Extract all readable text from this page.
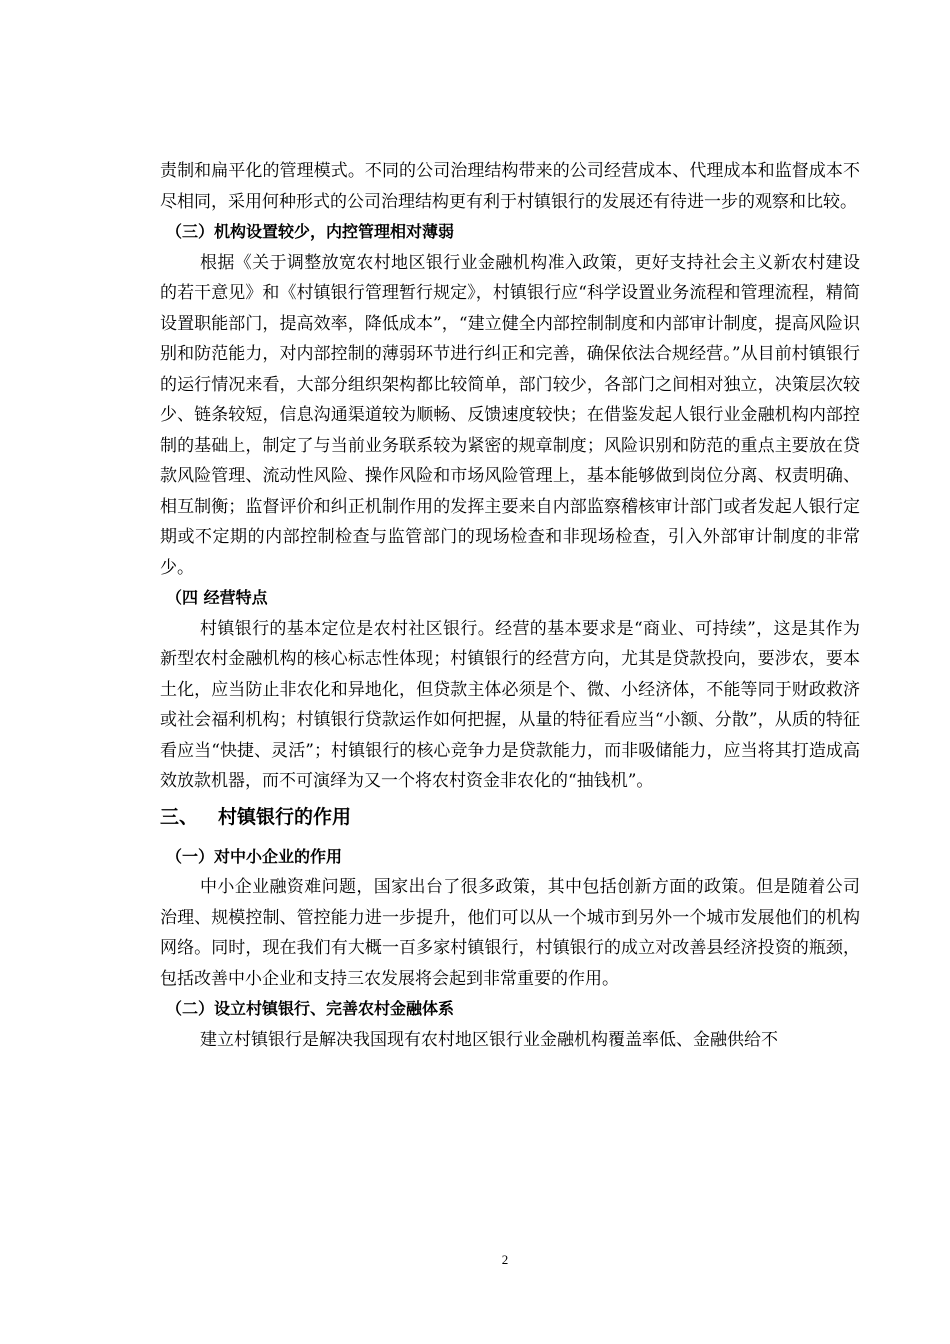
责制和扁平化的管理模式。不同的公司治理结构带来的公司经营成本、代理成本和监督成本不尽相同，采用何种形式的公司治理结构更有利于村镇银行的发展还有待进一步的观察和比较。

（三）机构设置较少，内控管理相对薄弱

根据《关于调整放宽农村地区银行业金融机构准入政策，更好支持社会主义新农村建设的若干意见》和《村镇银行管理暂行规定》，村镇银行应“科学设置业务流程和管理流程，精简设置职能部门，提高效率，降低成本”，“建立健全内部控制制度和内部审计制度，提高风险识别和防范能力，对内部控制的薄弱环节进行纠正和完善，确保依法合规经营。”从目前村镇银行的运行情况来看，大部分组织架构都比较简单，部门较少，各部门之间相对独立，决策层次较少、链条较短，信息沟通渠道较为顺畅、反馈速度较快；在借鉴发起人银行业金融机构内部控制的基础上，制定了与当前业务联系较为紧密的规章制度；风险识别和防范的重点主要放在贷款风险管理、流动性风险、操作风险和市场风险管理上，基本能够做到岗位分离、权责明确、相互制衡；监督评价和纠正机制作用的发挥主要来自内部监察稽核审计部门或者发起人银行定期或不定期的内部控制检查与监管部门的现场检查和非现场检查，引入外部审计制度的非常少。

（四 经营特点

村镇银行的基本定位是农村社区银行。经营的基本要求是“商业、可持续”，这是其作为新型农村金融机构的核心标志性体现；村镇银行的经营方向，尤其是贷款投向，要涉农，要本土化，应当防止非农化和异地化，但贷款主体必须是个、微、小经济体，不能等同于财政救济或社会福利机构；村镇银行贷款运作如何把握，从量的特征看应当“小额、分散”，从质的特征看应当“快捷、灵活”；村镇银行的核心竞争力是贷款能力，而非吸储能力，应当将其打造成高效放款机器，而不可演绎为又一个将农村资金非农化的“抽钱机”。

三、	村镇银行的作用

（一）对中小企业的作用

中小企业融资难问题，国家出台了很多政策，其中包括创新方面的政策。但是随着公司治理、规模控制、管控能力进一步提升，他们可以从一个城市到另外一个城市发展他们的机构网络。同时，现在我们有大概一百多家村镇银行，村镇银行的成立对改善县经济投资的瓶颈，包括改善中小企业和支持三农发展将会起到非常重要的作用。

（二）设立村镇银行、完善农村金融体系

建立村镇银行是解决我国现有农村地区银行业金融机构覆盖率低、金融供给不

2
